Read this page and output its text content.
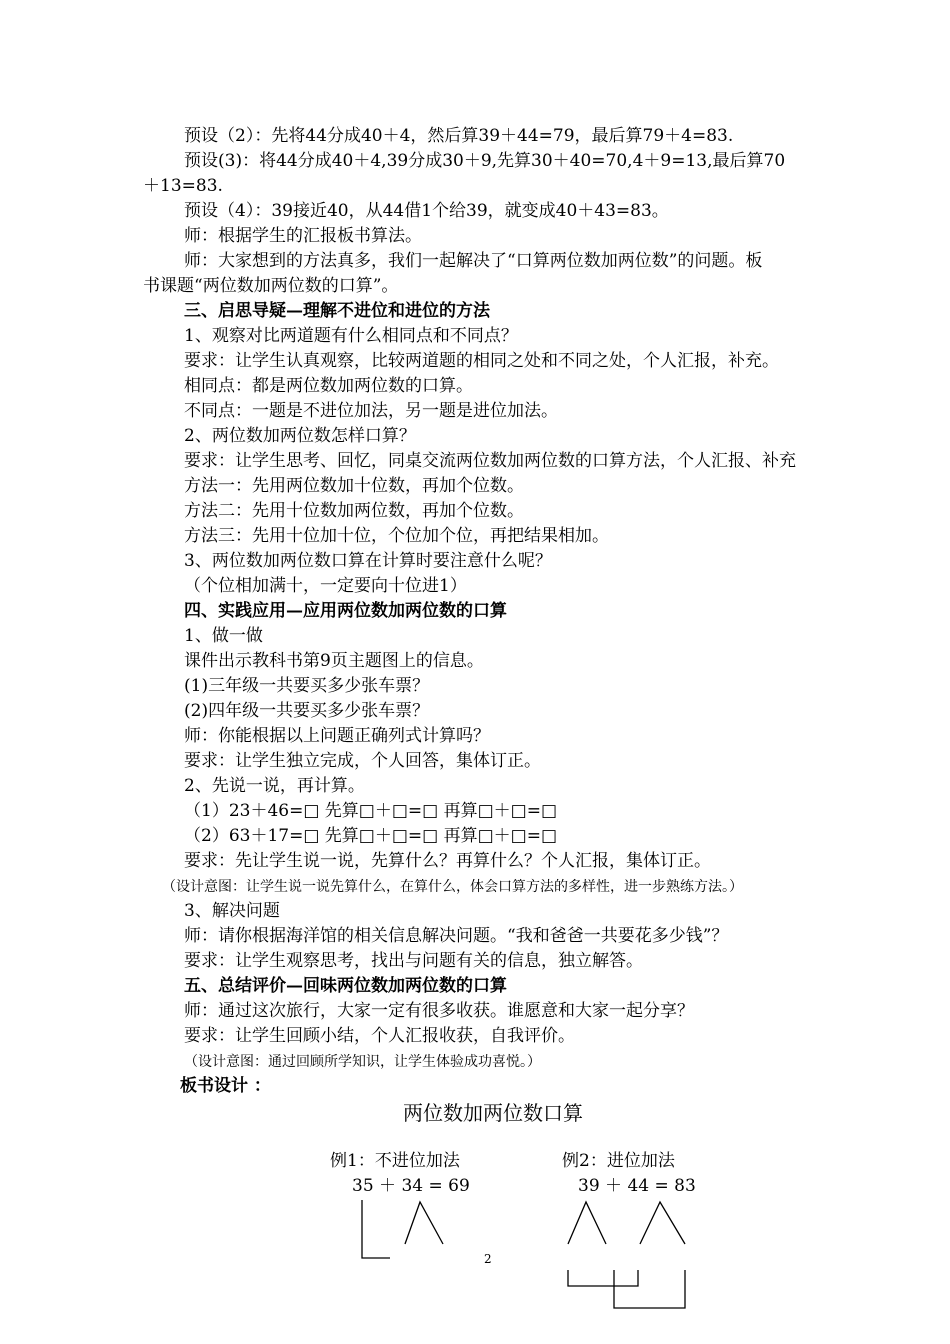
预设（2）：先将44分成40＋4，然后算39＋44=79，最后算79＋4=83.
预设(3)：将44分成40＋4,39分成30＋9,先算30＋40=70,4＋9=13,最后算70
＋13=83.
预设（4）：39接近40，从44借1个给39，就变成40＋43=83。
师：根据学生的汇报板书算法。
师：大家想到的方法真多，我们一起解决了“口算两位数加两位数”的问题。板
书课题“两位数加两位数的口算”。
三、启思导疑—理解不进位和进位的方法
1、观察对比两道题有什么相同点和不同点？
要求：让学生认真观察，比较两道题的相同之处和不同之处，个人汇报，补充。
相同点：都是两位数加两位数的口算。
不同点：一题是不进位加法，另一题是进位加法。
2、两位数加两位数怎样口算？
要求：让学生思考、回忆，同桌交流两位数加两位数的口算方法，个人汇报、补充
方法一：先用两位数加十位数，再加个位数。
方法二：先用十位数加两位数，再加个位数。
方法三：先用十位加十位，个位加个位，再把结果相加。
3、两位数加两位数口算在计算时要注意什么呢？
（个位相加满十，一定要向十位进1）
四、实践应用—应用两位数加两位数的口算
1、做一做
课件出示教科书第9页主题图上的信息。
(1)三年级一共要买多少张车票？
(2)四年级一共要买多少张车票？
师：你能根据以上问题正确列式计算吗？
要求：让学生独立完成，个人回答，集体订正。
2、先说一说，再计算。
（1）23＋46=□ 先算□＋□=□ 再算□＋□=□
（2）63＋17=□ 先算□＋□=□ 再算□＋□=□
要求：先让学生说一说，先算什么？再算什么？个人汇报，集体订正。
（设计意图：让学生说一说先算什么，在算什么，体会口算方法的多样性，进一步熟练方法。）
3、解决问题
师：请你根据海洋馆的相关信息解决问题。“我和爸爸一共要花多少钱”？
要求：让学生观察思考，找出与问题有关的信息，独立解答。
五、总结评价—回味两位数加两位数的口算
师：通过这次旅行，大家一定有很多收获。谁愿意和大家一起分享？
要求：让学生回顾小结，个人汇报收获，自我评价。
（设计意图：通过回顾所学知识，让学生体验成功喜悦。）
板书设计 ：
两位数加两位数口算
例1：不进位加法
35 ＋ 34 = 69
例2：进位加法
39 ＋ 44 = 83
2
